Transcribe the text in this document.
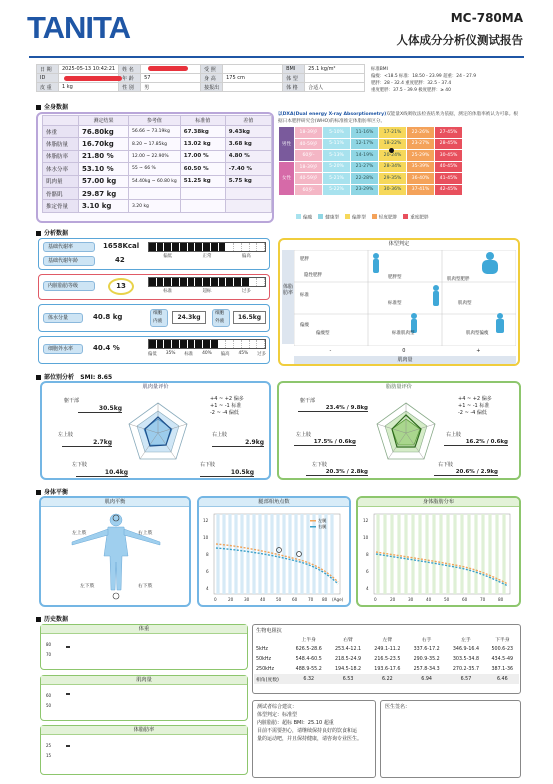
TANITA	MC-780MA
人体成分分析仪测试报告
日 期	2025-05-13 10:42:21	姓 名		受 照		BMI	25.1 kg/m²
ID		年 龄	57	身 高	175 cm	体 型	
皮 重	1 kg	性 别	男	接报出		体 格	合适人
标准BMI
偏瘦：<18.5 标准：18.50 - 23.99 超重：24 - 27.9
肥胖：28 - 32.4 重度肥胖：32.5 - 37.4
重度肥胖：37.5 - 39.9 极度肥胖：≥ 40
全身数据
	测定结果	参考值	标准值	差值
体重	76.80kg	56.66 ~ 73.19kg	67.38kg	9.43kg
体脂肪量	16.70kg	8.20 ~ 17.85kg	13.02 kg	3.68 kg
体脂肪率	21.80 %	12.00 ~ 22.90%	17.00 %	4.80 %
体水分率	53.10 %	55 ~ 66 %	60.50 %	-7.40 %
肌肉量	57.00 kg	54.40kg ~ 60.80 kg	51.25 kg	5.75 kg
骨骼肌	29.87 kg			
推定骨量	3.10 kg	3.20 kg		
以DXA(Dual energy X-ray Absorptiometry)双能量X线吸收法检查结果为依据，测定的体脂率被认为可靠。根据日本肥胖研究会(WHO)的标准推定体脂肪率区分。
男性	18-39岁	5-10%	11-16%	17-21%	22-26%	27-45%
	40-59岁	5-11%	12-17%	18-22%	23-27%	28-45%
	60岁-	5-13%	14-19%	20-24%	25-29%	30-45%
女性	18-39岁	5-20%	21-27%	28-34%	35-39%	40-45%
	40-59岁	5-21%	22-28%	29-35%	36-40%	41-45%
	60岁-	5-22%	23-29%	30-36%	37-41%	42-45%
偏瘦	健康型	偏胖型	轻度肥胖	重度肥胖
分析数据
基础代谢率	1658Kcal
偏低	正常	偏高
基础代谢年龄	42
内脏脂肪等级	13
标准	超标	过多
体水分量	40.8 kg	细胞内液
24.3kg
细胞外液
16.5kg
细胞外水率	40.4 %
偏低 35% 标准 40% 偏高 45% 过多
体型判定
体脂肪率
肥胖
隐性肥胖	肥胖型	肌肉型肥胖
标准
标准型	肌肉型
偏瘦
偏瘦型	标准肌肉型	肌肉型偏瘦
-	0	+
肌肉量
部位别分析 SMI: 8.65
肌肉量评价
+4 ~ +2 偏多
+1 ~ -1 标准
-2 ~ -4 偏低
躯干部
30.5kg
左上肢
2.7kg
右上肢
2.9kg
左下肢
10.4kg
右下肢
10.5kg
脂肪量评价
+4 ~ +2 偏多
+1 ~ -1 标准
-2 ~ -4 偏低
躯干部
23.4% / 9.8kg
左上肢
17.5% / 0.6kg
右上肢
16.2% / 0.6kg
左下肢
20.3% / 2.8kg
右下肢
20.6% / 2.9kg
身体平衡
肌肉平衡
左上肢	右上肢
左下肢	右下肢
腿部相角点数
12
10
8
6
4
0	20	30	40	50	60	70 80 (Age)
左腿
右腿
身体脂肪分布
12
10
8
6
4
0	20	30	40	50	60	70	80
历史数据
体重
80
70
肌肉量
60
50
体脂肪率
25
15
生物电阻抗
	上半身	右臂	左臂	右手	左手	下半身
5kHz	626.5-28.6	253.4-12.1	249.1-11.2	337.6-17.2	346.9-16.4	500.6-23
50kHz	548.4-60.5	218.5-24.9	216.5-23.5	290.9-35.2	303.5-34.8	434.5-49
250kHz	488.9-55.2	194.5-18.2	193.6-17.6	257.8-34.3	270.2-35.7	387.1-36
相角(度数)	6.32	6.53	6.22	6.94	6.57	6.46
测试者综合建议：
体型判定：标准型
内脏脂肪：超标 BMI：25.10 超重
目前不需要担心，请继续保持良好的饮食和运
量的运动吧，并且保持健康，请咨询专业医生。
医生签名：
